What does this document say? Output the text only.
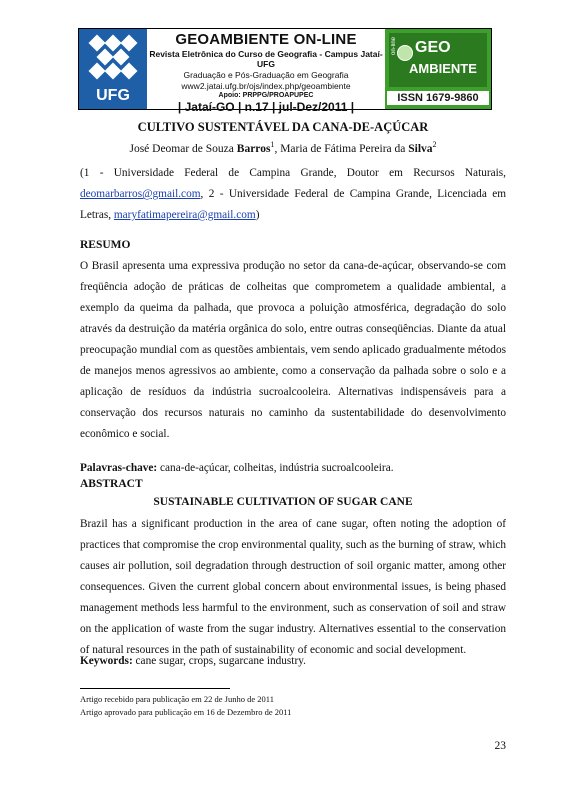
UFG
GEOAMBIENTE ON-LINE
Revista Eletrônica do Curso de Geografia - Campus Jataí- UFG
Graduação e Pós-Graduação em Geografia
www2.jatai.ufg.br/ojs/index.php/geoambiente
Apoio: PRPPG/PROAPUPEC
| Jataí-GO | n.17 | jul-Dez/2011 |
on-line GEO
AMBIENTE
ISSN 1679-9860
CULTIVO SUSTENTÁVEL DA CANA-DE-AÇÚCAR
José Deomar de Souza Barros$^1$, Maria de Fátima Pereira da Silva$^2$
(1 - Universidade Federal de Campina Grande, Doutor em Recursos Naturais, deomarbarros@gmail.com, 2 - Universidade Federal de Campina Grande, Licenciada em Letras, maryfatimapereira@gmail.com)
RESUMO
O Brasil apresenta uma expressiva produção no setor da cana-de-açúcar, observando-se com freqüência adoção de práticas de colheitas que comprometem a qualidade ambiental, a exemplo da queima da palhada, que provoca a poluição atmosférica, degradação do solo através da destruição da matéria orgânica do solo, entre outras conseqüências. Diante da atual preocupação mundial com as questões ambientais, vem sendo aplicado gradualmente métodos de manejos menos agressivos ao ambiente, como a conservação da palhada sobre o solo e a aplicação de resíduos da indústria sucroalcooleira. Alternativas indispensáveis para a conservação dos recursos naturais no caminho da sustentabilidade do desenvolvimento econômico e social.
Palavras-chave: cana-de-açúcar, colheitas, indústria sucroalcooleira.
ABSTRACT
SUSTAINABLE CULTIVATION OF SUGAR CANE
Brazil has a significant production in the area of cane sugar, often noting the adoption of practices that compromise the crop environmental quality, such as the burning of straw, which causes air pollution, soil degradation through destruction of soil organic matter, among other consequences. Given the current global concern about environmental issues, is being phased management methods less harmful to the environment, such as conservation of soil and straw on the application of waste from the sugar industry. Alternatives essential to the conservation of natural resources in the path of sustainability of economic and social development.
Keywords: cane sugar, crops, sugarcane industry.
Artigo recebido para publicação em 22 de Junho de 2011
Artigo aprovado para publicação em 16 de Dezembro de 2011
23
